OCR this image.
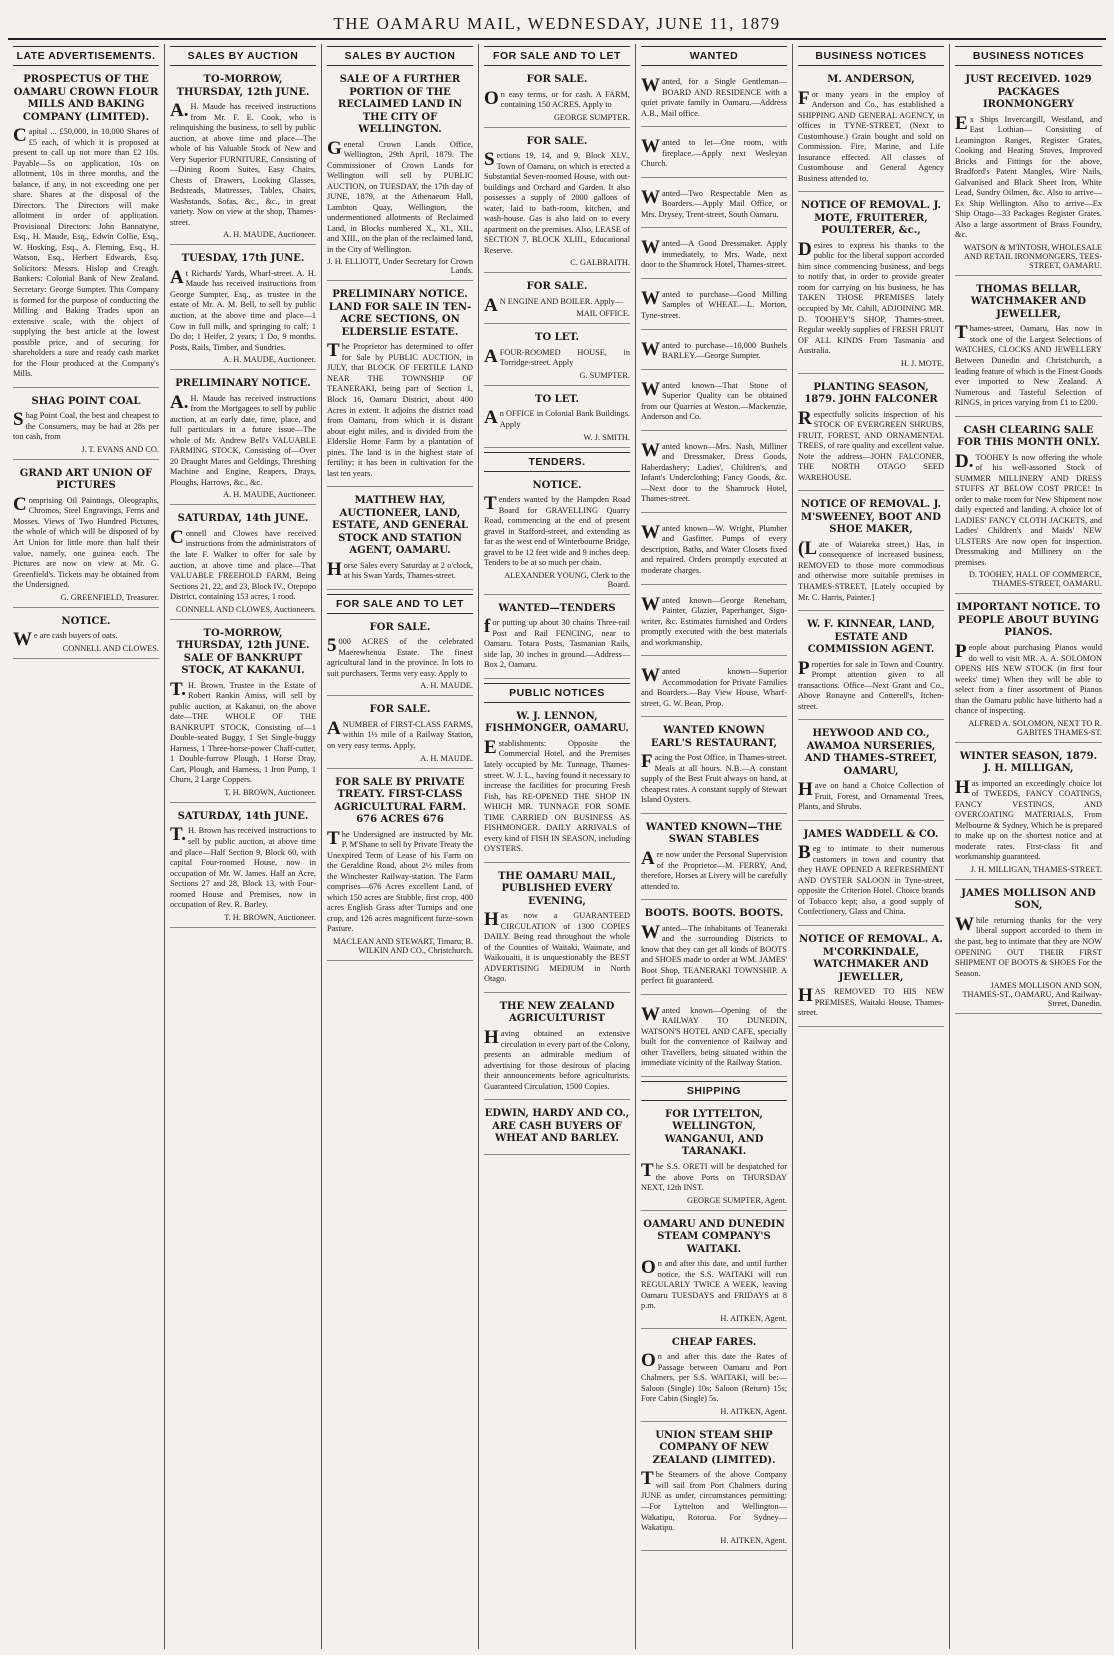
THE OAMARU MAIL, WEDNESDAY, JUNE 11, 1879
LATE ADVERTISEMENTS.
PROSPECTUS OF THE OAMARU CROWN FLOUR MILLS AND BAKING COMPANY (LIMITED).
Capital ... £50,000, in 10,000 Shares of £5 each, of which it is proposed at present to call up not more than £2 10s. Payable—5s on application, 10s on allotment, 10s in three months, and the balance, if any, in not exceeding one per share. Shares at the disposal of the Directors. The Directors will make allotment in order of application. Provisional Directors: John Bannatyne, Esq., H. Maude, Esq., Edwin Collie, Esq., W. Hosking, Esq., A. Fleming, Esq., H. Watson, Esq., Herbert Edwards, Esq. Solicitors: Messrs. Hislop and Creagh. Bankers: Colonial Bank of New Zealand. Secretary: George Sumpter. This Company is formed for the purpose of conducting the Milling and Baking Trades upon an extensive scale, with the object of supplying the best article at the lowest possible price, and of securing for shareholders a sure and ready cash market for the Flour produced at the Company's Mills.
SHAG POINT COAL
Shag Point Coal, the best and cheapest to the Consumers, may be had at 28s per ton cash, from
J. T. EVANS AND CO.
GRAND ART UNION OF PICTURES
Comprising Oil Paintings, Oleographs, Chromos, Steel Engravings, Ferns and Mosses. Views of Two Hundred Pictures, the whole of which will be disposed of by Art Union for little more than half their value, namely, one guinea each. The Pictures are now on view at Mr. G. Greenfield's. Tickets may be obtained from the Undersigned.
G. GREENFIELD, Treasurer.
NOTICE.
We are cash buyers of oats.
CONNELL AND CLOWES.
SALES BY AUCTION
TO-MORROW, THURSDAY, 12th JUNE.
A.H. Maude has received instructions from Mr. F. E. Cook, who is relinquishing the business, to sell by public auction, at above time and place—The whole of his Valuable Stock of New and Very Superior FURNITURE, Consisting of—Dining Room Suites, Easy Chairs, Chests of Drawers, Looking Glasses, Bedsteads, Mattresses, Tables, Chairs, Washstands, Sofas, &c., &c., in great variety. Now on view at the shop, Thames-street.
A. H. MAUDE, Auctioneer.
TUESDAY, 17th JUNE.
At Richards' Yards, Wharf-street. A. H. Maude has received instructions from George Sumpter, Esq., as trustee in the estate of Mr. A. M. Bell, to sell by public auction, at the above time and place—1 Cow in full milk, and springing to calf; 1 Do do; 1 Heifer, 2 years; 1 Do, 9 months. Posts, Rails, Timber, and Sundries.
A. H. MAUDE, Auctioneer.
PRELIMINARY NOTICE.
A.H. Maude has received instructions from the Mortgagees to sell by public auction, at an early date, time, place, and full particulars in a future issue—The whole of Mr. Andrew Bell's VALUABLE FARMING STOCK, Consisting of—Over 20 Draught Mares and Geldings, Threshing Machine and Engine, Reapers, Drays, Ploughs, Harrows, &c., &c.
A. H. MAUDE, Auctioneer.
SATURDAY, 14th JUNE.
Connell and Clowes have received instructions from the administrators of the late F. Walker to offer for sale by auction, at above time and place—That VALUABLE FREEHOLD FARM, Being Sections 21, 22, and 23, Block IV., Otepopo District, containing 153 acres, 1 rood.
CONNELL AND CLOWES, Auctioneers.
TO-MORROW, THURSDAY, 12th JUNE. SALE OF BANKRUPT STOCK, AT KAKANUI.
T.H. Brown, Trustee in the Estate of Robert Rankin Amiss, will sell by public auction, at Kakanui, on the above date—THE WHOLE OF THE BANKRUPT STOCK, Consisting of—1 Double-seated Buggy, 1 Set Single-buggy Harness, 1 Three-horse-power Chaff-cutter, 1 Double-furrow Plough, 1 Horse Dray, Cart, Plough, and Harness, 1 Iron Pump, 1 Churn, 2 Large Coppers.
T. H. BROWN, Auctioneer.
SATURDAY, 14th JUNE.
T.H. Brown has received instructions to sell by public auction, at above time and place—Half Section 9, Block 60, with capital Four-roomed House, now in occupation of Mr. W. James. Half an Acre, Sections 27 and 28, Block 13, with Four-roomed House and Premises, now in occupation of Rev. R. Barley.
T. H. BROWN, Auctioneer.
SALES BY AUCTION
SALE OF A FURTHER PORTION OF THE RECLAIMED LAND IN THE CITY OF WELLINGTON.
General Crown Lands Office, Wellington, 29th April, 1879. The Commissioner of Crown Lands for Wellington will sell by PUBLIC AUCTION, on TUESDAY, the 17th day of JUNE, 1879, at the Athenaeum Hall, Lambton Quay, Wellington, the undermentioned allotments of Reclaimed Land, in Blocks numbered X., XI., XII., and XIII., on the plan of the reclaimed land, in the City of Wellington.
J. H. ELLIOTT, Under Secretary for Crown Lands.
PRELIMINARY NOTICE. LAND FOR SALE IN TEN-ACRE SECTIONS, ON ELDERSLIE ESTATE.
The Proprietor has determined to offer for Sale by PUBLIC AUCTION, in JULY, that BLOCK OF FERTILE LAND NEAR THE TOWNSHIP OF TEANERAKI, being part of Section 1, Block 16, Oamaru District, about 400 Acres in extent. It adjoins the district road from Oamaru, from which it is distant about eight miles, and is divided from the Elderslie Home Farm by a plantation of pines. The land is in the highest state of fertility; it has been in cultivation for the last ten years.
MATTHEW HAY, AUCTIONEER, LAND, ESTATE, AND GENERAL STOCK AND STATION AGENT, OAMARU.
Horse Sales every Saturday at 2 o'clock, at his Swan Yards, Thames-street.
FOR SALE AND TO LET
FOR SALE.
5000 ACRES of the celebrated Maerewhenua Estate. The finest agricultural land in the province. In lots to suit purchasers. Terms very easy. Apply to
A. H. MAUDE.
FOR SALE.
ANUMBER of FIRST-CLASS FARMS, within 1½ mile of a Railway Station, on very easy terms. Apply,
A. H. MAUDE.
FOR SALE BY PRIVATE TREATY. FIRST-CLASS AGRICULTURAL FARM. 676 ACRES 676
The Undersigned are instructed by Mr. P. M'Shane to sell by Private Treaty the Unexpired Term of Lease of his Farm on the Geraldine Road, about 2½ miles from the Winchester Railway-station. The Farm comprises—676 Acres excellent Land, of which 150 acres are Stubble, first crop, 400 acres English Grass after Turnips and one crop, and 126 acres magnificent furze-sown Pasture.
MACLEAN AND STEWART, Timaru; B. WILKIN AND CO., Christchurch.
FOR SALE AND TO LET
FOR SALE.
On easy terms, or for cash. A FARM, containing 150 ACRES. Apply to
GEORGE SUMPTER.
FOR SALE.
Sections 19, 14, and 9, Block XLV., Town of Oamaru, on which is erected a Substantial Seven-roomed House, with out-buildings and Orchard and Garden. It also possesses a supply of 2000 gallons of water, laid to bath-room, kitchen, and wash-house. Gas is also laid on to every apartment on the premises. Also, LEASE of SECTION 7, BLOCK XLIII., Educational Reserve.
C. GALBRAITH.
FOR SALE.
AN ENGINE AND BOILER. Apply—
MAIL OFFICE.
TO LET.
AFOUR-ROOMED HOUSE, in Torridge-street. Apply
G. SUMPTER.
TO LET.
An OFFICE in Colonial Bank Buildings. Apply
W. J. SMITH.
TENDERS.
NOTICE.
Tenders wanted by the Hampden Road Board for GRAVELLING Quarry Road, commencing at the end of present gravel in Stafford-street, and extending as far as the west end of Winterbourne Bridge, gravel to be 12 feet wide and 9 inches deep. Tenders to be at so much per chain.
ALEXANDER YOUNG, Clerk to the Board.
WANTED—TENDERS
for putting up about 30 chains Three-rail Post and Rail FENCING, near to Oamaru. Totara Posts, Tasmanian Rails, side lap, 30 inches in ground.—Address—Box 2, Oamaru.
PUBLIC NOTICES
W. J. LENNON, FISHMONGER, OAMARU.
Establishments: Opposite the Commercial Hotel, and the Premises lately occupied by Mr. Tunnage, Thames-street. W. J. L., having found it necessary to increase the facilities for procuring Fresh Fish, has RE-OPENED THE SHOP IN WHICH MR. TUNNAGE FOR SOME TIME CARRIED ON BUSINESS AS FISHMONGER. DAILY ARRIVALS of every kind of FISH IN SEASON, including OYSTERS.
THE OAMARU MAIL, PUBLISHED EVERY EVENING,
Has now a GUARANTEED CIRCULATION of 1300 COPIES DAILY. Being read throughout the whole of the Counties of Waitaki, Waimate, and Waikouaiti, it is unquestionably the BEST ADVERTISING MEDIUM in North Otago.
THE NEW ZEALAND AGRICULTURIST
Having obtained an extensive circulation in every part of the Colony, presents an admirable medium of advertising for those desirous of placing their announcements before agriculturists. Guaranteed Circulation, 1500 Copies.
EDWIN, HARDY AND CO., ARE CASH BUYERS OF WHEAT AND BARLEY.
WANTED
Wanted, for a Single Gentleman—BOARD AND RESIDENCE with a quiet private family in Oamaru.—Address A.B., Mail office.
Wanted to let—One room, with fireplace.—Apply next Wesleyan Church.
Wanted—Two Respectable Men as Boarders.—Apply Mail Office, or Mrs. Drysey, Trent-street, South Oamaru.
Wanted—A Good Dressmaker. Apply immediately, to Mrs. Wade, next door to the Shamrock Hotel, Thames-street.
Wanted to purchase—Good Milling Samples of WHEAT.—L. Morton, Tyne-street.
Wanted to purchase—10,000 Bushels BARLEY.—George Sumpter.
Wanted known—That Stone of Superior Quality can be obtained from our Quarries at Weston.—Mackenzie, Anderson and Co.
Wanted known—Mrs. Nash, Milliner and Dressmaker, Dress Goods, Haberdashery; Ladies', Children's, and Infant's Underclothing; Fancy Goods, &c.—Next door to the Shamrock Hotel, Thames-street.
Wanted known—W. Wright, Plumber and Gasfitter. Pumps of every description, Baths, and Water Closets fixed and repaired. Orders promptly executed at moderate charges.
Wanted known—George Reneham, Painter, Glazier, Paperhanger, Sign-writer, &c. Estimates furnished and Orders promptly executed with the best materials and workmanship.
Wanted known—Superior Accommodation for Private Families and Boarders.—Bay View House, Wharf-street, G. W. Bean, Prop.
WANTED KNOWN EARL'S RESTAURANT,
Facing the Post Office, in Thames-street. Meals at all hours. N.B.—A constant supply of the Best Fruit always on hand, at cheapest rates. A constant supply of Stewart Island Oysters.
WANTED KNOWN—THE SWAN STABLES
Are now under the Personal Supervision of the Proprietor—M. FERRY, And, therefore, Horses at Livery will be carefully attended to.
BOOTS. BOOTS. BOOTS.
Wanted—The inhabitants of Teaneraki and the surrounding Districts to know that they can get all kinds of BOOTS and SHOES made to order at WM. JAMES' Boot Shop, TEANERAKI TOWNSHIP. A perfect fit guaranteed.
Wanted known—Opening of the RAILWAY TO DUNEDIN, WATSON'S HOTEL AND CAFE, specially built for the convenience of Railway and other Travellers, being situated within the immediate vicinity of the Railway Station.
SHIPPING
FOR LYTTELTON, WELLINGTON, WANGANUI, AND TARANAKI.
The S.S. ORETI will be despatched for the above Ports on THURSDAY NEXT, 12th INST.
GEORGE SUMPTER, Agent.
OAMARU AND DUNEDIN STEAM COMPANY'S WAITAKI.
On and after this date, and until further notice, the S.S. WAITAKI will run REGULARLY TWICE A WEEK, leaving Oamaru TUESDAYS and FRIDAYS at 8 p.m.
H. AITKEN, Agent.
CHEAP FARES.
On and after this date the Rates of Passage between Oamaru and Port Chalmers, per S.S. WAITAKI, will be:—Saloon (Single) 10s; Saloon (Return) 15s; Fore Cabin (Single) 5s.
H. AITKEN, Agent.
UNION STEAM SHIP COMPANY OF NEW ZEALAND (LIMITED).
The Steamers of the above Company will sail from Port Chalmers during JUNE as under, circumstances permitting:—For Lyttelton and Wellington—Wakatipu, Rotorua. For Sydney—Wakatipu.
H. AITKEN, Agent.
BUSINESS NOTICES
M. ANDERSON,
For many years in the employ of Anderson and Co., has established a SHIPPING AND GENERAL AGENCY, in offices in TYNE-STREET, (Next to Customhouse.) Grain bought and sold on Commission. Fire, Marine, and Life Insurance effected. All classes of Customhouse and General Agency Business attended to.
NOTICE OF REMOVAL. J. MOTE, FRUITERER, POULTERER, &c.,
Desires to express his thanks to the public for the liberal support accorded him since commencing business, and begs to notify that, in order to provide greater room for carrying on his business, he has TAKEN THOSE PREMISES lately occupied by Mr. Cahill, ADJOINING MR. D. TOOHEY'S SHOP, Thames-street. Regular weekly supplies of FRESH FRUIT OF ALL KINDS From Tasmania and Australia.
H. J. MOTE.
PLANTING SEASON, 1879. JOHN FALCONER
Respectfully solicits inspection of his STOCK OF EVERGREEN SHRUBS, FRUIT, FOREST, AND ORNAMENTAL TREES, of rare quality and excellent value. Note the address—JOHN FALCONER, THE NORTH OTAGO SEED WAREHOUSE.
NOTICE OF REMOVAL. J. M'SWEENEY, BOOT AND SHOE MAKER,
(Late of Waiareka street,) Has, in consequence of increased business, REMOVED to those more commodious and otherwise more suitable premises in THAMES-STREET, [Lately occupied by Mr. C. Harris, Painter.]
W. F. KINNEAR, LAND, ESTATE AND COMMISSION AGENT.
Properties for sale in Town and Country. Prompt attention given to all transactions. Office—Next Grant and Co., Above Ronayne and Cotterell's, Itchen-street.
HEYWOOD AND CO., AWAMOA NURSERIES, AND THAMES-STREET, OAMARU,
Have on hand a Choice Collection of Fruit, Forest, and Ornamental Trees, Plants, and Shrubs.
JAMES WADDELL & CO.
Beg to intimate to their numerous customers in town and country that they HAVE OPENED A REFRESHMENT AND OYSTER SALOON in Tyne-street, opposite the Criterion Hotel. Choice brands of Tobacco kept; also, a good supply of Confectionery, Glass and China.
NOTICE OF REMOVAL. A. M'CORKINDALE, WATCHMAKER AND JEWELLER,
HAS REMOVED TO HIS NEW PREMISES, Waitaki House, Thames-street.
BUSINESS NOTICES
JUST RECEIVED. 1029 PACKAGES IRONMONGERY
Ex Ships Invercargill, Westland, and East Lothian— Consisting of Leamington Ranges, Register Grates, Cooking and Heating Stoves, Improved Bricks and Fittings for the above, Bradford's Patent Mangles, Wire Nails, Galvanised and Black Sheet Iron, White Lead, Sundry Oilmen, &c. Also to arrive—Ex Ship Wellington. Also to arrive—Ex Ship Otago—33 Packages Register Grates. Also a large assortment of Brass Foundry, &c.
WATSON & M'INTOSH, WHOLESALE AND RETAIL IRONMONGERS, TEES-STREET, OAMARU.
THOMAS BELLAR, WATCHMAKER AND JEWELLER,
Thames-street, Oamaru, Has now in stock one of the Largest Selections of WATCHES, CLOCKS AND JEWELLERY Between Dunedin and Christchurch, a leading feature of which is the Finest Goods ever imported to New Zealand. A Numerous and Tasteful Selection of RINGS, in prices varying from £1 to £200.
CASH CLEARING SALE FOR THIS MONTH ONLY.
D.TOOHEY Is now offering the whole of his well-assorted Stock of SUMMER MILLINERY AND DRESS STUFFS AT BELOW COST PRICE! In order to make room for New Shipment now daily expected and landing. A choice lot of LADIES' FANCY CLOTH JACKETS, and Ladies' Children's and Maids' NEW ULSTERS Are now open for inspection. Dressmaking and Millinery on the premises.
D. TOOHEY, HALL OF COMMERCE, THAMES-STREET, OAMARU.
IMPORTANT NOTICE. TO PEOPLE ABOUT BUYING PIANOS.
People about purchasing Pianos would do well to visit MR. A. A. SOLOMON OPENS HIS NEW STOCK (in first four weeks' time) When they will be able to select from a finer assortment of Pianos than the Oamaru public have hitherto had a chance of inspecting.
ALFRED A. SOLOMON, NEXT TO R. GABITES THAMES-ST.
WINTER SEASON, 1879. J. H. MILLIGAN,
Has imported an exceedingly choice lot of TWEEDS, FANCY COATINGS, FANCY VESTINGS, AND OVERCOATING MATERIALS, From Melbourne & Sydney, Which he is prepared to make up on the shortest notice and at moderate rates. First-class fit and workmanship guaranteed.
J. H. MILLIGAN, THAMES-STREET.
JAMES MOLLISON AND SON,
While returning thanks for the very liberal support accorded to them in the past, beg to intimate that they are NOW OPENING OUT THEIR FIRST SHIPMENT OF BOOTS & SHOES For the Season.
JAMES MOLLISON AND SON, THAMES-ST., OAMARU, And Railway-Street, Dunedin.
